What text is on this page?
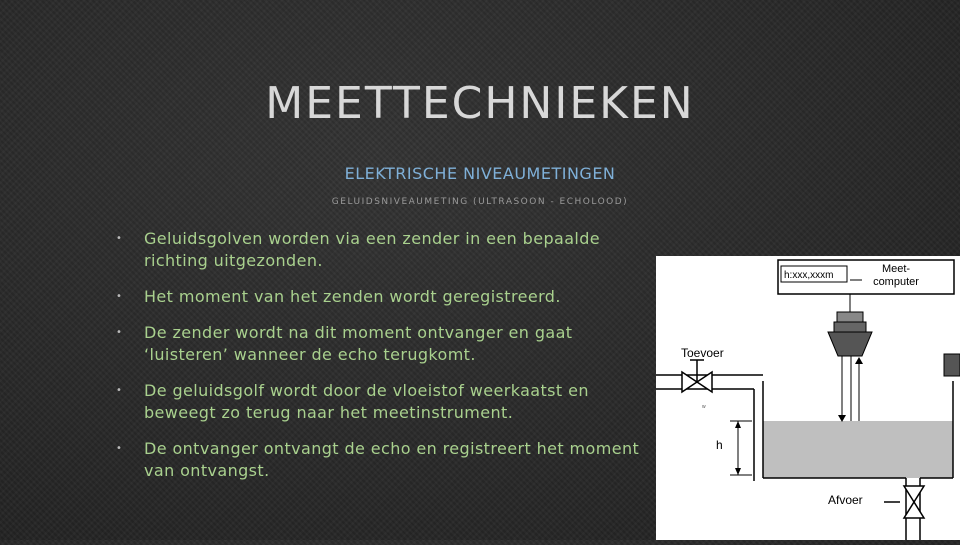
MEETTECHNIEKEN
ELEKTRISCHE NIVEAUMETINGEN
GELUIDSNIVEAUMETING (ULTRASOON - ECHOLOOD)
• Geluidsgolven worden via een zender in een bepaalde richting uitgezonden.
• Het moment van het zenden wordt geregistreerd.
• De zender wordt na dit moment ontvanger en gaat ‘luisteren’ wanneer de echo terugkomt.
• De geluidsgolf wordt door de vloeistof weerkaatst en beweegt zo terug naar het meetinstrument.
• De ontvanger ontvangt de echo en registreert het moment van ontvangst.
h:xxx,xxxm
Meet-
computer
Toevoer
w
h
Afvoer
